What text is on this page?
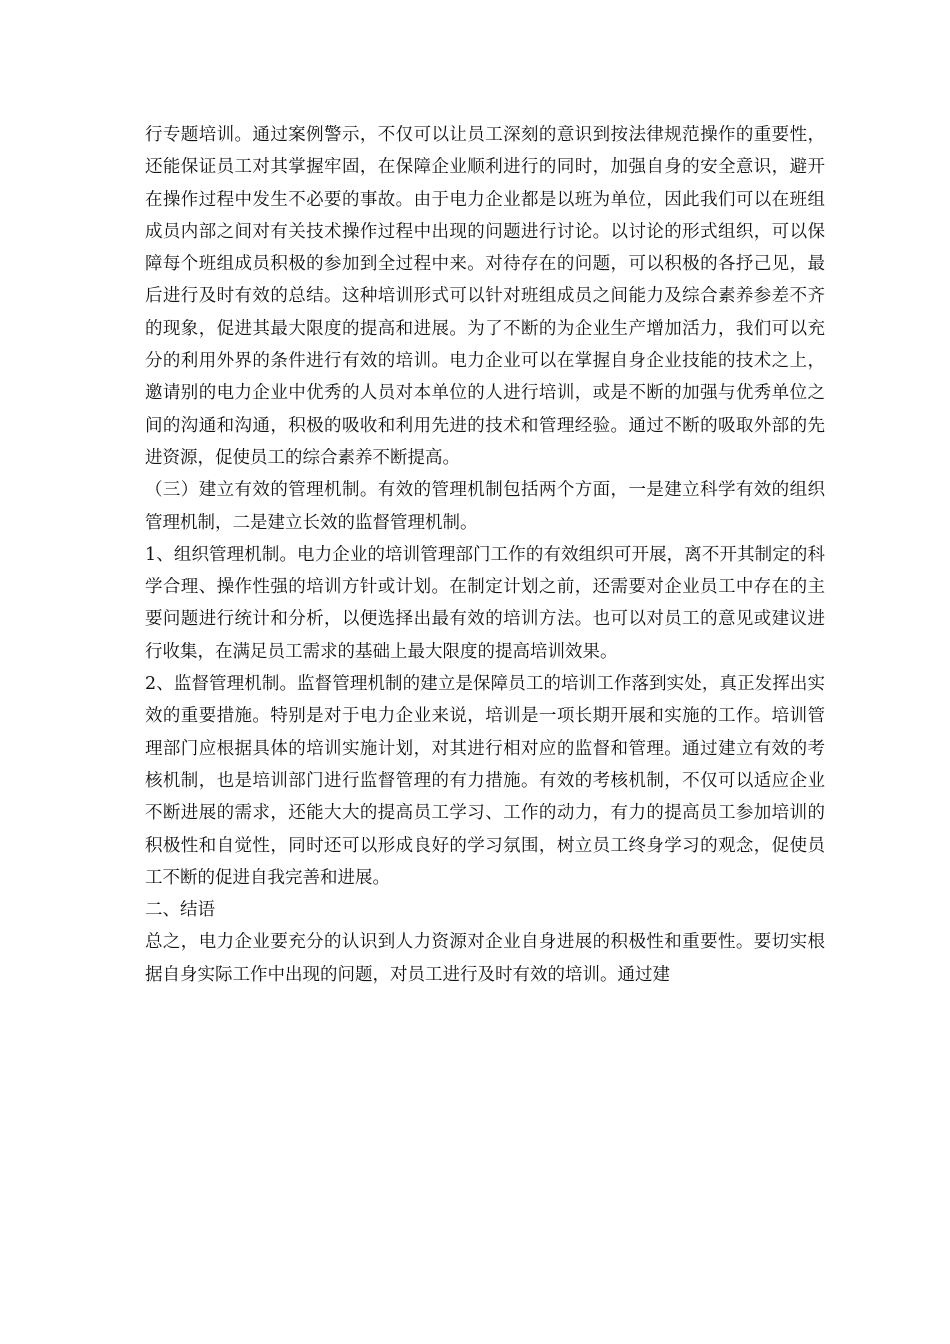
行专题培训。通过案例警示，不仅可以让员工深刻的意识到按法律规范操作的重要性，还能保证员工对其掌握牢固，在保障企业顺利进行的同时，加强自身的安全意识，避开在操作过程中发生不必要的事故。由于电力企业都是以班为单位，因此我们可以在班组成员内部之间对有关技术操作过程中出现的问题进行讨论。以讨论的形式组织，可以保障每个班组成员积极的参加到全过程中来。对待存在的问题，可以积极的各抒己见，最后进行及时有效的总结。这种培训形式可以针对班组成员之间能力及综合素养参差不齐的现象，促进其最大限度的提高和进展。为了不断的为企业生产增加活力，我们可以充分的利用外界的条件进行有效的培训。电力企业可以在掌握自身企业技能的技术之上，邀请别的电力企业中优秀的人员对本单位的人进行培训，或是不断的加强与优秀单位之间的沟通和沟通，积极的吸收和利用先进的技术和管理经验。通过不断的吸取外部的先进资源，促使员工的综合素养不断提高。

（三）建立有效的管理机制。有效的管理机制包括两个方面，一是建立科学有效的组织管理机制，二是建立长效的监督管理机制。

1、组织管理机制。电力企业的培训管理部门工作的有效组织可开展，离不开其制定的科学合理、操作性强的培训方针或计划。在制定计划之前，还需要对企业员工中存在的主要问题进行统计和分析，以便选择出最有效的培训方法。也可以对员工的意见或建议进行收集，在满足员工需求的基础上最大限度的提高培训效果。

2、监督管理机制。监督管理机制的建立是保障员工的培训工作落到实处，真正发挥出实效的重要措施。特别是对于电力企业来说，培训是一项长期开展和实施的工作。培训管理部门应根据具体的培训实施计划，对其进行相对应的监督和管理。通过建立有效的考核机制，也是培训部门进行监督管理的有力措施。有效的考核机制，不仅可以适应企业不断进展的需求，还能大大的提高员工学习、工作的动力，有力的提高员工参加培训的积极性和自觉性，同时还可以形成良好的学习氛围，树立员工终身学习的观念，促使员工不断的促进自我完善和进展。

二、结语

总之，电力企业要充分的认识到人力资源对企业自身进展的积极性和重要性。要切实根据自身实际工作中出现的问题，对员工进行及时有效的培训。通过建
